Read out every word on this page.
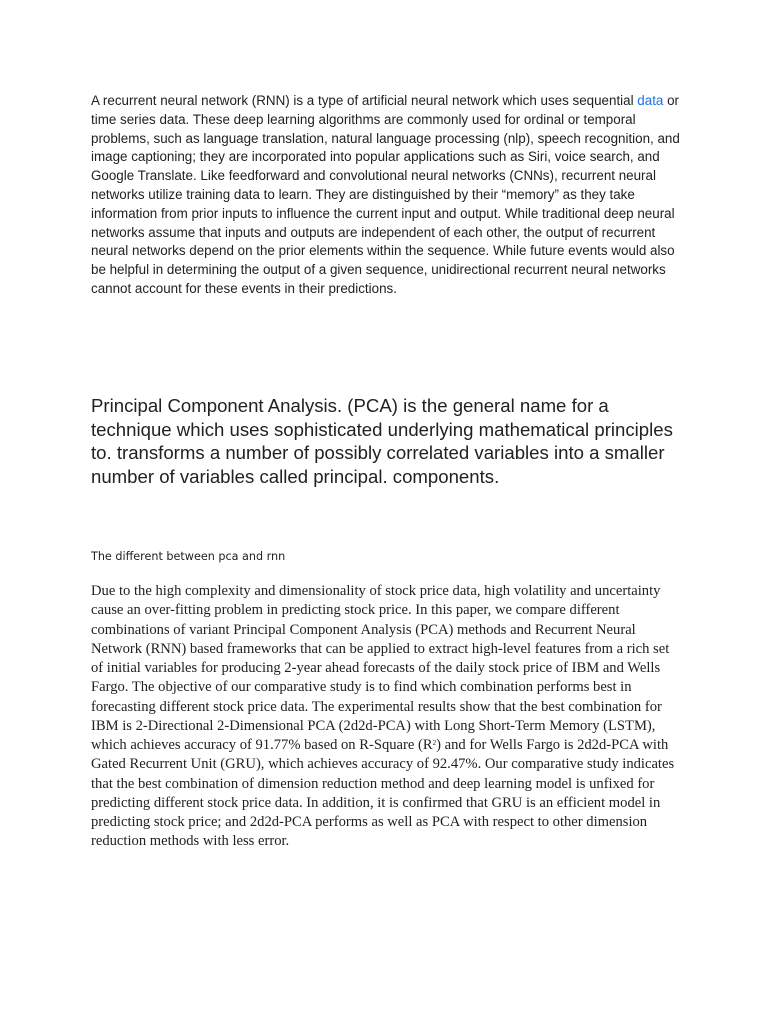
A recurrent neural network (RNN) is a type of artificial neural network which uses sequential data or time series data. These deep learning algorithms are commonly used for ordinal or temporal problems, such as language translation, natural language processing (nlp), speech recognition, and image captioning; they are incorporated into popular applications such as Siri, voice search, and Google Translate. Like feedforward and convolutional neural networks (CNNs), recurrent neural networks utilize training data to learn. They are distinguished by their “memory” as they take information from prior inputs to influence the current input and output. While traditional deep neural networks assume that inputs and outputs are independent of each other, the output of recurrent neural networks depend on the prior elements within the sequence. While future events would also be helpful in determining the output of a given sequence, unidirectional recurrent neural networks cannot account for these events in their predictions.

Principal Component Analysis. (PCA) is the general name for a technique which uses sophisticated underlying mathematical principles to. transforms a number of possibly correlated variables into a smaller number of variables called principal. components.

The different between pca and rnn

Due to the high complexity and dimensionality of stock price data, high volatility and uncertainty cause an over-fitting problem in predicting stock price. In this paper, we compare different combinations of variant Principal Component Analysis (PCA) methods and Recurrent Neural Network (RNN) based frameworks that can be applied to extract high-level features from a rich set of initial variables for producing 2-year ahead forecasts of the daily stock price of IBM and Wells Fargo. The objective of our comparative study is to find which combination performs best in forecasting different stock price data. The experimental results show that the best combination for IBM is 2-Directional 2-Dimensional PCA (2d2d-PCA) with Long Short-Term Memory (LSTM), which achieves accuracy of 91.77% based on R-Square $(R^2)$ and for Wells Fargo is 2d2d-PCA with Gated Recurrent Unit (GRU), which achieves accuracy of 92.47%. Our comparative study indicates that the best combination of dimension reduction method and deep learning model is unfixed for predicting different stock price data. In addition, it is confirmed that GRU is an efficient model in predicting stock price; and 2d2d-PCA performs as well as PCA with respect to other dimension reduction methods with less error.
